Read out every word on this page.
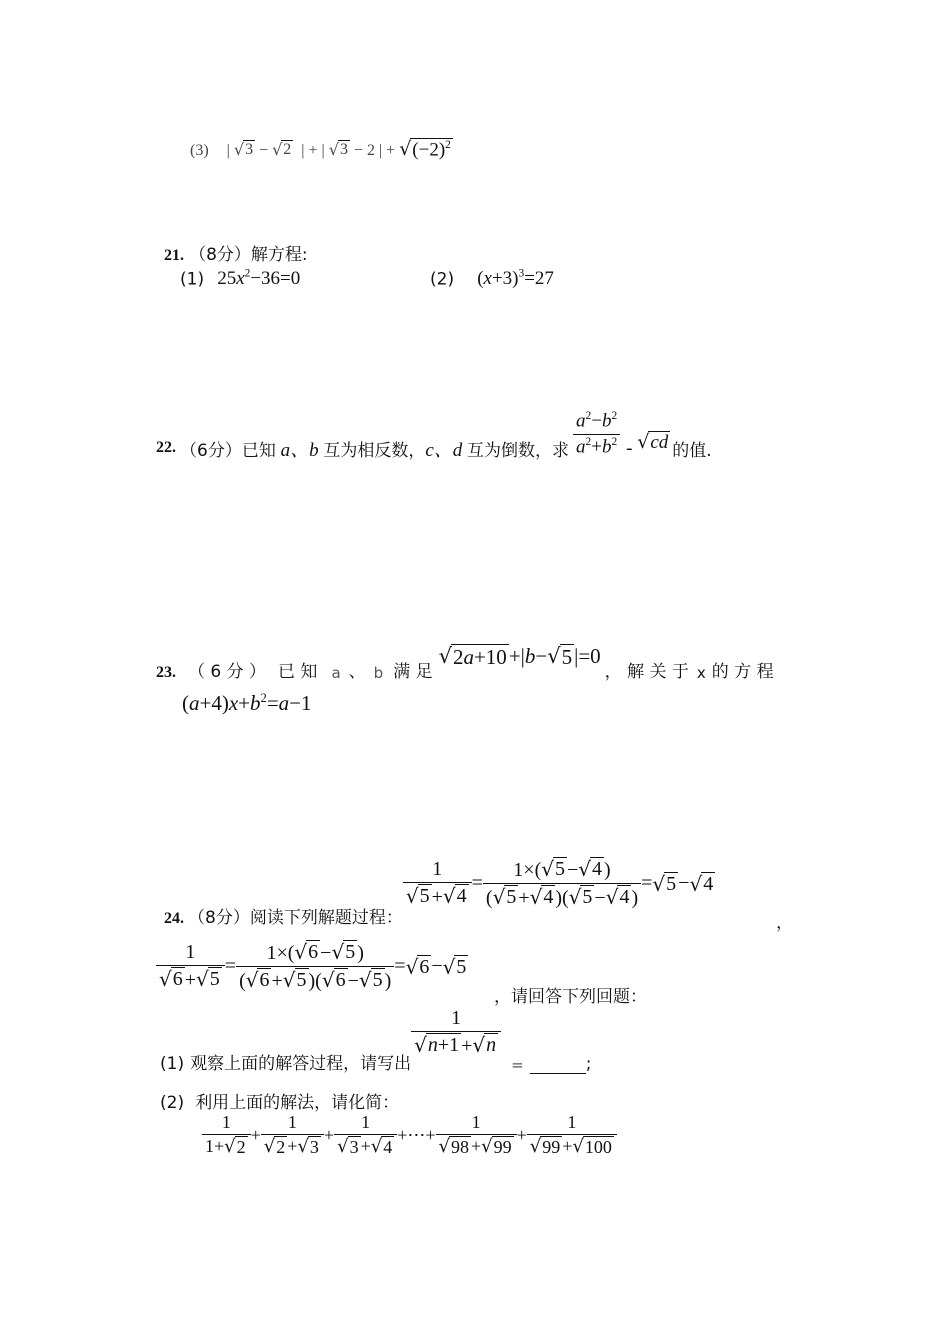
(3) | √ 3 − √ 2 | + | √ 3 − 2 | + √ $(-2)^2$
21. （8分）解方程:
(1) $25x^2-36=0$	(2) $(x+3)^3=27$
22. （6分） 已知 a、b 互为相反数， c、d 互为倒数，求 $\frac{a^2-b^2}{a^2+b^2}$ - √ cd 的值.
23. （ 6 分 ） 已 知 a 、 b 满 足
√ 2a+10 +|b− √ 5 |=0
， 解 关 于 x 的 方 程
$(a+4)x+b^2=a-1$
24. （8分） 阅读下列解题过程：
$\frac{1}{√ 5 + √ 4} = \frac{1\times( √ 5 - √ 4 )}{( √ 5 + √ 4 )( √ 5 - √ 4 )}$ = √ 5 − √ 4
，
$\frac{1}{√ 6 + √ 5} = \frac{1\times( √ 6 - √ 5 )}{( √ 6 + √ 5 )( √ 6 - √ 5 )}$ = √ 6 − √ 5
，请回答下列回题：
(1) 观察上面的解答过程，请写出
$\frac{1}{√ n+1 + √ n}$
=	;
(2) 利用上面的解法，请化简：
$\frac{1}{1+ √ 2} + \frac{1}{√ 2 + √ 3} + \frac{1}{√ 3 + √ 4}$ +⋯+ $\frac{1}{√ 98 + √ 99} + \frac{1}{√ 99 + √ 100}$
